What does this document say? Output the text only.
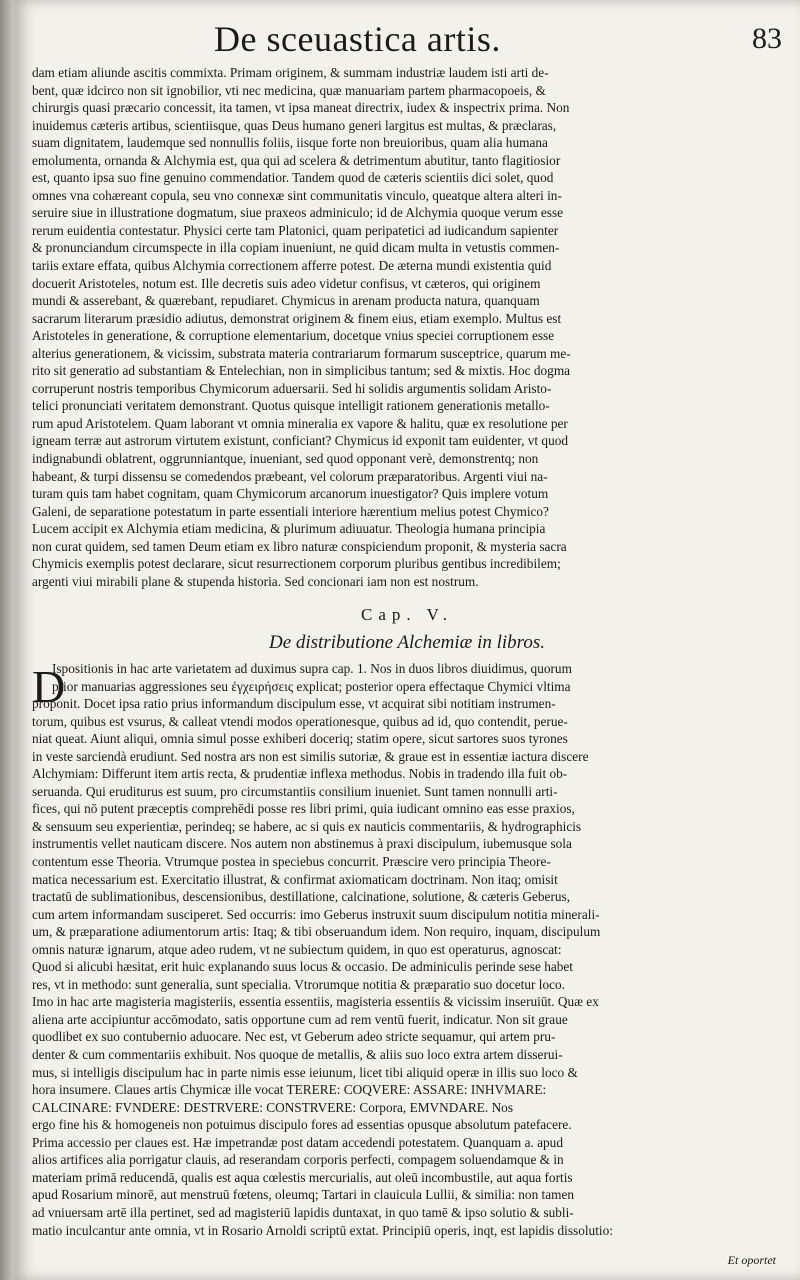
De sceuastica artis.	83
dam etiam aliunde ascitis commixta. Primam originem, & summam industriæ laudem isti arti de-
bent, quæ idcirco non sit ignobilior, vti nec medicina, quæ manuariam partem pharmacopoeis, &
chirurgis quasi præcario concessit, ita tamen, vt ipsa maneat directrix, iudex & inspectrix prima. Non
inuidemus cæteris artibus, scientiisque, quas Deus humano generi largitus est multas, & præclaras,
suam dignitatem, laudemque sed nonnullis foliis, iisque forte non breuioribus, quam alia humana
emolumenta, ornanda & Alchymia est, qua qui ad scelera & detrimentum abutitur, tanto flagitiosior
est, quanto ipsa suo fine genuino commendatior. Tandem quod de cæteris scientiis dici solet, quod
omnes vna cohæreant copula, seu vno connexæ sint communitatis vinculo, queatque altera alteri in-
seruire siue in illustratione dogmatum, siue praxeos adminiculo; id de Alchymia quoque verum esse
rerum euidentia contestatur. Physici certe tam Platonici, quam peripatetici ad iudicandum sapienter
& pronunciandum circumspecte in illa copiam inueniunt, ne quid dicam multa in vetustis commen-
tariis extare effata, quibus Alchymia correctionem afferre potest. De æterna mundi existentia quid
docuerit Aristoteles, notum est. Ille decretis suis adeo videtur confisus, vt cæteros, qui originem
mundi & asserebant, & quærebant, repudiaret. Chymicus in arenam producta natura, quanquam
sacrarum literarum præsidio adiutus, demonstrat originem & finem eius, etiam exemplo. Multus est
Aristoteles in generatione, & corruptione elementarium, docetque vnius speciei corruptionem esse
alterius generationem, & vicissim, substrata materia contrariarum formarum susceptrice, quarum me-
rito sit generatio ad substantiam & Entelechian, non in simplicibus tantum; sed & mixtis. Hoc dogma
corruperunt nostris temporibus Chymicorum aduersarii. Sed hi solidis argumentis solidam Aristo-
telici pronunciati veritatem demonstrant. Quotus quisque intelligit rationem generationis metallo-
rum apud Aristotelem. Quam laborant vt omnia mineralia ex vapore & halitu, quæ ex resolutione per
igneam terræ aut astrorum virtutem existunt, conficiant? Chymicus id exponit tam euidenter, vt quod
indignabundi oblatrent, oggrunniantque, inueniant, sed quod opponant verè, demonstrentq; non
habeant, & turpi dissensu se comedendos præbeant, vel colorum præparatoribus. Argenti viui na-
turam quis tam habet cognitam, quam Chymicorum arcanorum inuestigator? Quis implere votum
Galeni, de separatione potestatum in parte essentiali interiore hærentium melius potest Chymico?
Lucem accipit ex Alchymia etiam medicina, & plurimum adiuuatur. Theologia humana principia
non curat quidem, sed tamen Deum etiam ex libro naturæ conspiciendum proponit, & mysteria sacra
Chymicis exemplis potest declarare, sicut resurrectionem corporum pluribus gentibus incredibilem;
argenti viui mirabili plane & stupenda historia. Sed concionari iam non est nostrum.
Cap. V.
De distributione Alchemiæ in libros.
D
Ispositionis in hac arte varietatem ad duximus supra cap. 1. Nos in duos libros diuidimus, quorum
prior manuarias aggressiones seu ἐγχειρήσεις explicat; posterior opera effectaque Chymici vltima
proponit. Docet ipsa ratio prius informandum discipulum esse, vt acquirat sibi notitiam instrumen-
torum, quibus est vsurus, & calleat vtendi modos operationesque, quibus ad id, quo contendit, perue-
niat queat. Aiunt aliqui, omnia simul posse exhiberi doceriq; statim opere, sicut sartores suos tyrones
in veste sarciendà erudiunt. Sed nostra ars non est similis sutoriæ, & graue est in essentiæ iactura discere
Alchymiam: Differunt item artis recta, & prudentiæ inflexa methodus. Nobis in tradendo illa fuit ob-
seruanda. Qui eruditurus est suum, pro circumstantiis consilium inueniet. Sunt tamen nonnulli arti-
fices, qui nō putent præceptis comprehēdi posse res libri primi, quia iudicant omnino eas esse praxios,
& sensuum seu experientiæ, perindeq; se habere, ac si quis ex nauticis commentariis, & hydrographicis
instrumentis vellet nauticam discere. Nos autem non abstinemus à praxi discipulum, iubemusque sola
contentum esse Theoria. Vtrumque postea in speciebus concurrit. Præscire vero principia Theore-
matica necessarium est. Exercitatio illustrat, & confirmat axiomaticam doctrinam. Non itaq; omisit
tractatū de sublimationibus, descensionibus, destillatione, calcinatione, solutione, & cæteris Geberus,
cum artem informandam susciperet. Sed occurris: imo Geberus instruxit suum discipulum notitia minerali-
um, & præparatione adiumentorum artis: Itaq; & tibi obseruandum idem. Non requiro, inquam, discipulum
omnis naturæ ignarum, atque adeo rudem, vt ne subiectum quidem, in quo est operaturus, agnoscat:
Quod si alicubi hæsitat, erit huic explanando suus locus & occasio. De adminiculis perinde sese habet
res, vt in methodo: sunt generalia, sunt specialia. Vtrorumque notitia & præparatio suo docetur loco.
Imo in hac arte magisteria magisteriis, essentia essentiis, magisteria essentiis & vicissim inseruiūt. Quæ ex
aliena arte accipiuntur accōmodato, satis opportune cum ad rem ventū fuerit, indicatur. Non sit graue
quodlibet ex suo contubernio aduocare. Nec est, vt Geberum adeo stricte sequamur, qui artem pru-
denter & cum commentariis exhibuit. Nos quoque de metallis, & aliis suo loco extra artem disserui-
mus, si intelligis discipulum hac in parte nimis esse ieiunum, licet tibi aliquid operæ in illis suo loco &
hora insumere. Claues artis Chymicæ ille vocat TERERE: COQVERE: ASSARE: INHVMARE:
CALCINARE: FVNDERE: DESTRVERE: CONSTRVERE: Corpora, EMVNDARE. Nos
ergo fine his & homogeneis non potuimus discipulo fores ad essentias opusque absolutum patefacere.
Prima accessio per claues est. Hæ impetrandæ post datam accedendi potestatem. Quanquam a. apud
alios artifices alia porrigatur clauis, ad reserandam corporis perfecti, compagem soluendamque & in
materiam primā reducendā, qualis est aqua cœlestis mercurialis, aut oleū incombustile, aut aqua fortis
apud Rosarium minorē, aut menstruū fœtens, oleumq; Tartari in clauicula Lullii, & similia: non tamen
ad vniuersam artē illa pertinet, sed ad magisteriū lapidis duntaxat, in quo tamē & ipso solutio & subli-
matio inculcantur ante omnia, vt in Rosario Arnoldi scriptū extat. Principiū operis, inqt, est lapidis dissolutio:
Et oportet
